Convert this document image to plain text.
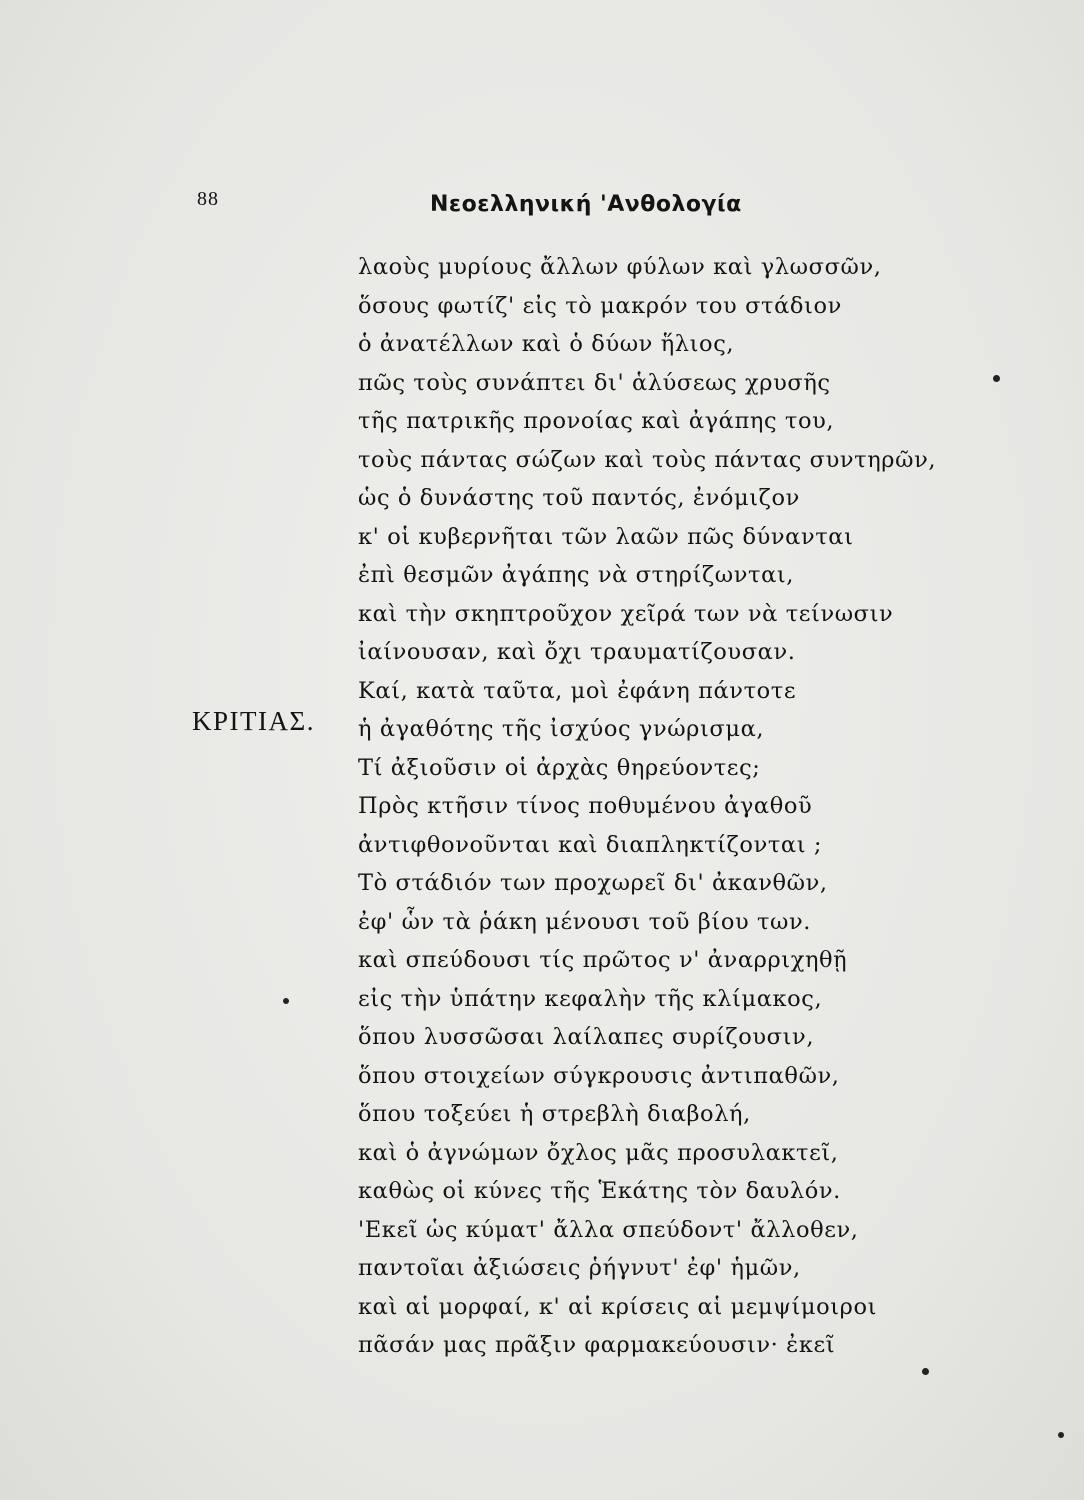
88	Νεοελληνική 'Ανθολογία
ΚΡΙΤΙΑΣ.
λαοὺς μυρίους ἄλλων φύλων καὶ γλωσσῶν,
ὅσους φωτίζ' εἰς τὸ μακρόν του στάδιον
ὁ ἀνατέλλων καὶ ὁ δύων ἥλιος,
πῶς τοὺς συνάπτει δι' ἁλύσεως χρυσῆς
τῆς πατρικῆς προνοίας καὶ ἀγάπης του,
τοὺς πάντας σώζων καὶ τοὺς πάντας συντηρῶν,
ὡς ὁ δυνάστης τοῦ παντός, ἐνόμιζον
κ' οἱ κυβερνῆται τῶν λαῶν πῶς δύνανται
ἐπὶ θεσμῶν ἀγάπης νὰ στηρίζωνται,
καὶ τὴν σκηπτροῦχον χεῖρά των νὰ τείνωσιν
ἰαίνουσαν, καὶ ὄχι τραυματίζουσαν.
Καί, κατὰ ταῦτα, μοὶ ἐφάνη πάντοτε
ἡ ἀγαθότης τῆς ἰσχύος γνώρισμα,
Τί ἀξιοῦσιν οἱ ἀρχὰς θηρεύοντες;
Πρὸς κτῆσιν τίνος ποθυμένου ἀγαθοῦ
ἀντιφθονοῦνται καὶ διαπληκτίζονται ;
Τὸ στάδιόν των προχωρεῖ δι' ἀκανθῶν,
ἐφ' ὧν τὰ ῥάκη μένουσι τοῦ βίου των.
καὶ σπεύδουσι τίς πρῶτος ν' ἀναρριχηθῇ
εἰς τὴν ὑπάτην κεφαλὴν τῆς κλίμακος,
ὅπου λυσσῶσαι λαίλαπες συρίζουσιν,
ὅπου στοιχείων σύγκρουσις ἀντιπαθῶν,
ὅπου τοξεύει ἡ στρεβλὴ διαβολή,
καὶ ὁ ἀγνώμων ὄχλος μᾶς προσυλακτεῖ,
καθὼς οἱ κύνες τῆς Ἑκάτης τὸν δαυλόν.
'Εκεῖ ὡς κύματ' ἄλλα σπεύδοντ' ἄλλοθεν,
παντοῖαι ἀξιώσεις ῥήγνυτ' ἐφ' ἡμῶν,
καὶ αἱ μορφαί, κ' αἱ κρίσεις αἱ μεμψίμοιροι
πᾶσάν μας πρᾶξιν φαρμακεύουσιν· ἐκεῖ
